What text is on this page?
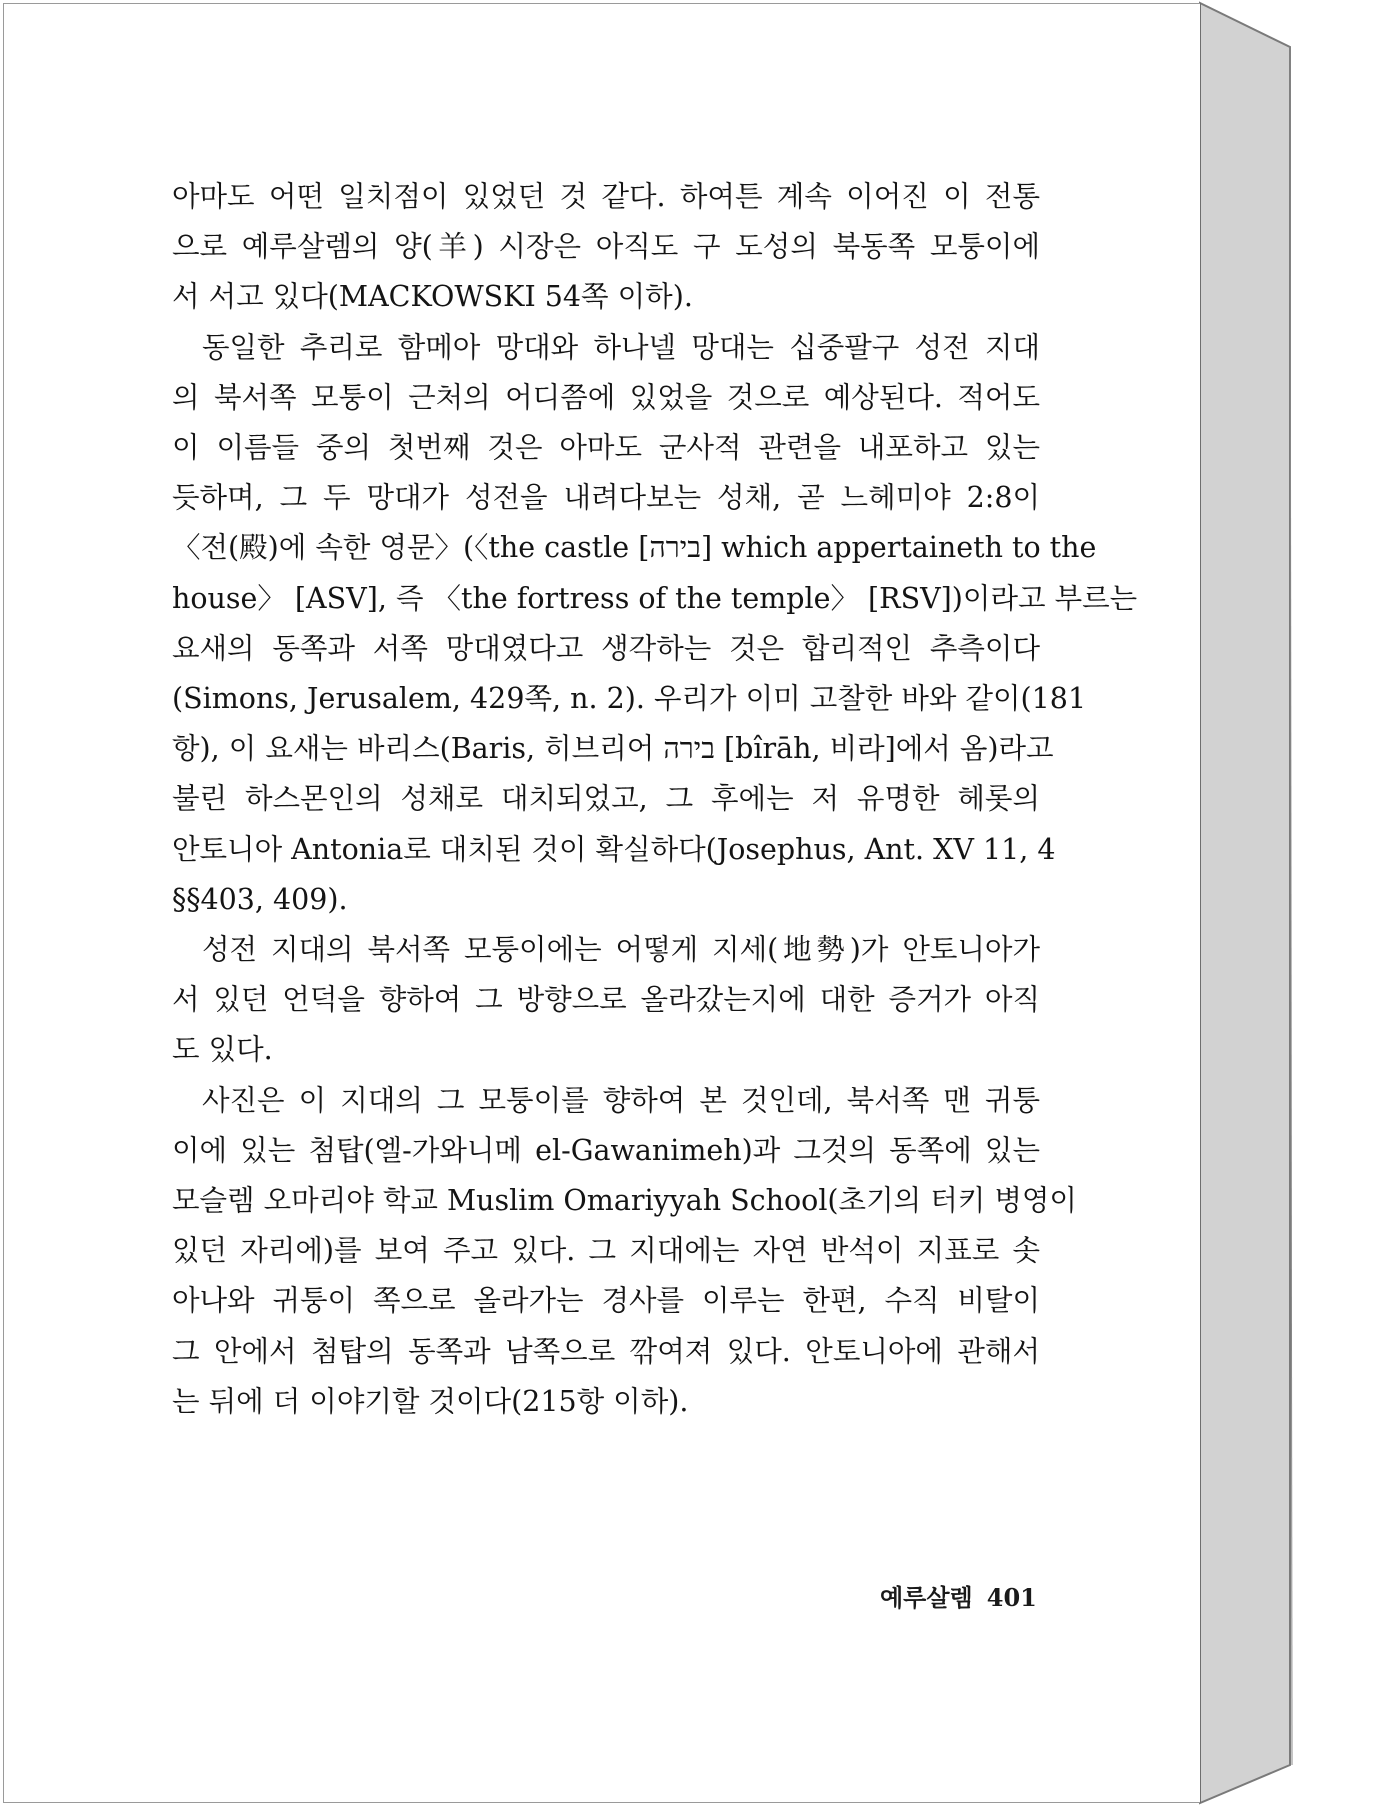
아마도 어떤 일치점이 있었던 것 같다. 하여튼 계속 이어진 이 전통
으로 예루살렘의 양(羊) 시장은 아직도 구 도성의 북동쪽 모퉁이에
서 서고 있다(MACKOWSKI 54쪽 이하).
동일한 추리로 함메아 망대와 하나넬 망대는 십중팔구 성전 지대
의 북서쪽 모퉁이 근처의 어디쯤에 있었을 것으로 예상된다. 적어도
이 이름들 중의 첫번째 것은 아마도 군사적 관련을 내포하고 있는
듯하며, 그 두 망대가 성전을 내려다보는 성채, 곧 느헤미야 2:8이
〈전(殿)에 속한 영문〉(〈the castle [בירה] which appertaineth to the
house〉 [ASV], 즉 〈the fortress of the temple〉 [RSV])이라고 부르는
요새의 동쪽과 서쪽 망대였다고 생각하는 것은 합리적인 추측이다
(Simons, Jerusalem, 429쪽, n. 2). 우리가 이미 고찰한 바와 같이(181
항), 이 요새는 바리스(Baris, 히브리어 בירה [bîrāh, 비라]에서 옴)라고
불린 하스몬인의 성채로 대치되었고, 그 후에는 저 유명한 헤롯의
안토니아 Antonia로 대치된 것이 확실하다(Josephus, Ant. XV 11, 4
§§403, 409).
성전 지대의 북서쪽 모퉁이에는 어떻게 지세(地勢)가 안토니아가
서 있던 언덕을 향하여 그 방향으로 올라갔는지에 대한 증거가 아직
도 있다.
사진은 이 지대의 그 모퉁이를 향하여 본 것인데, 북서쪽 맨 귀퉁
이에 있는 첨탑(엘-가와니메 el-Gawanimeh)과 그것의 동쪽에 있는
모슬렘 오마리야 학교 Muslim Omariyyah School(초기의 터키 병영이
있던 자리에)를 보여 주고 있다. 그 지대에는 자연 반석이 지표로 솟
아나와 귀퉁이 쪽으로 올라가는 경사를 이루는 한편, 수직 비탈이
그 안에서 첨탑의 동쪽과 남쪽으로 깎여져 있다. 안토니아에 관해서
는 뒤에 더 이야기할 것이다(215항 이하).
예루살렘 401
